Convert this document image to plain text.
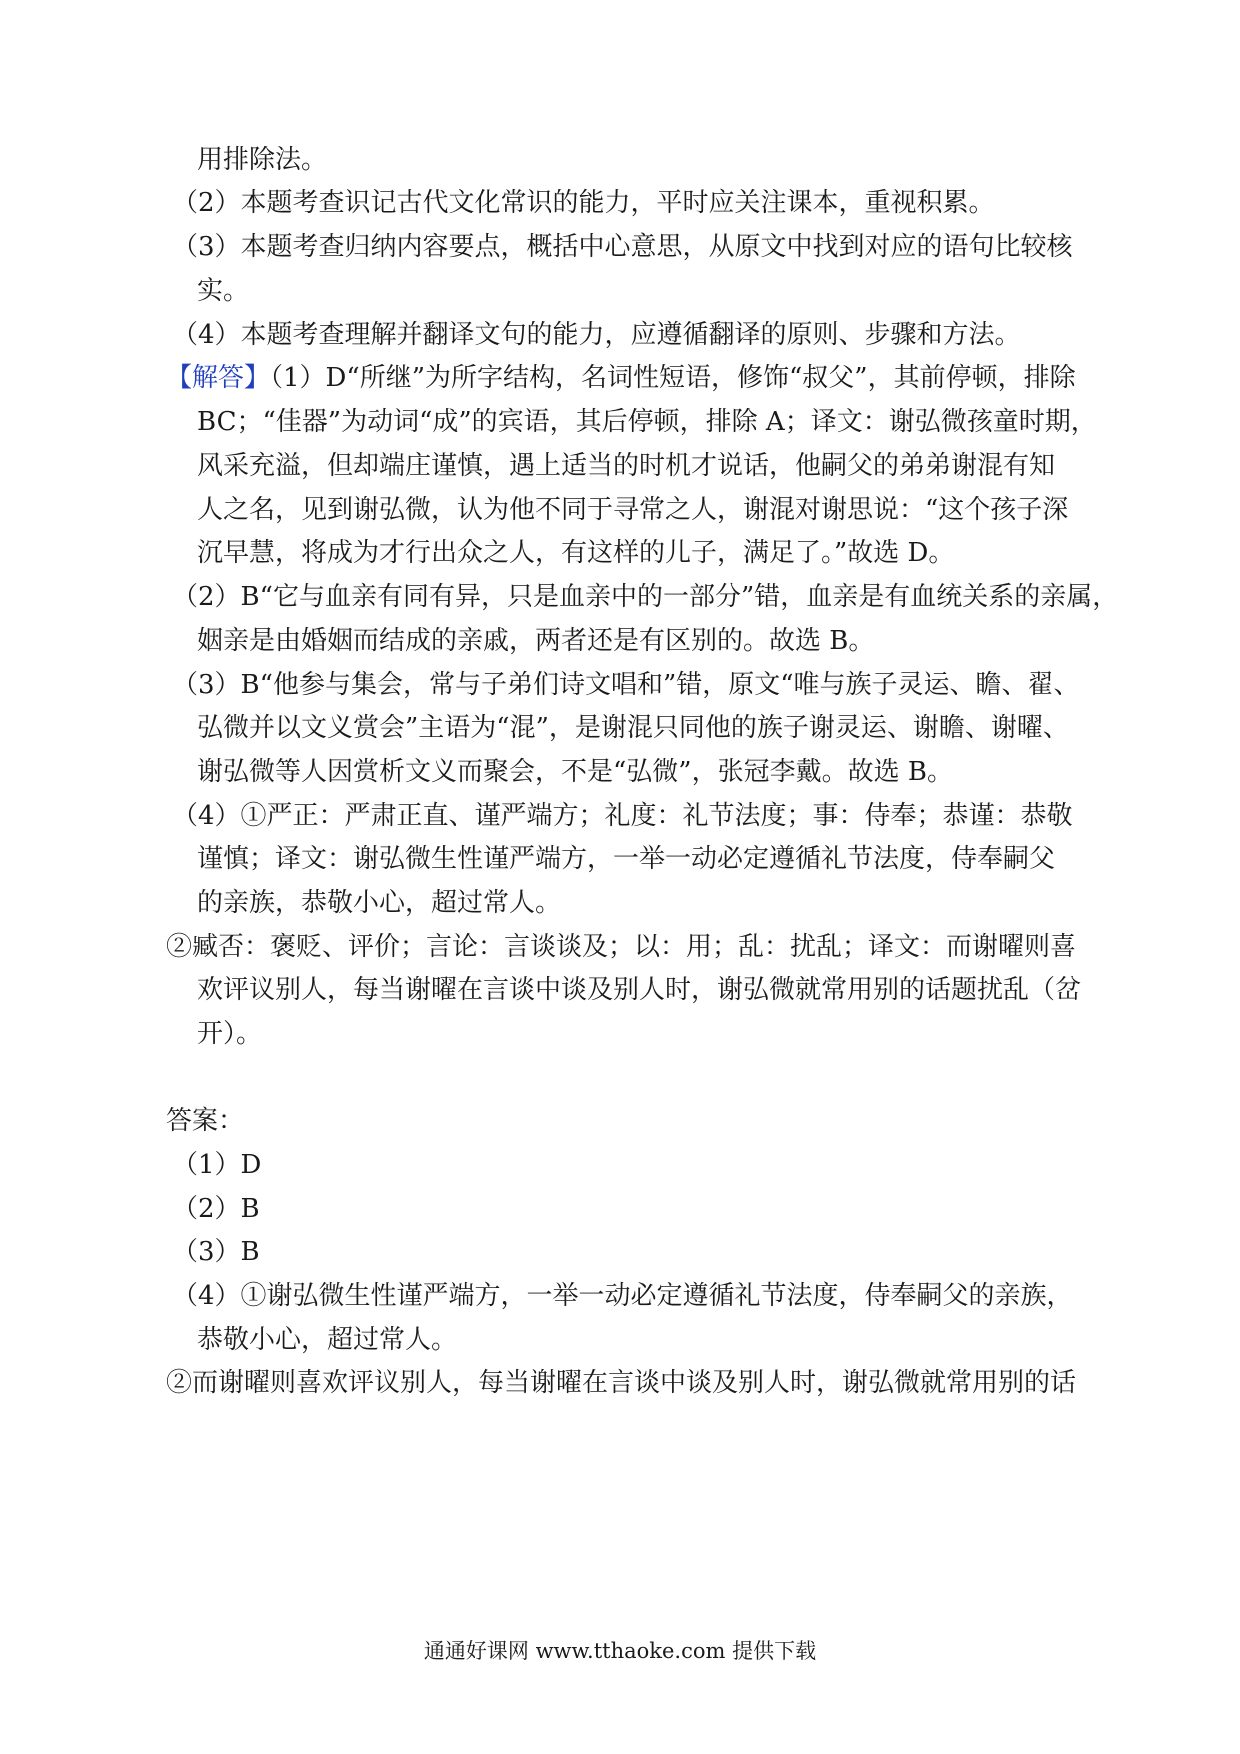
用排除法。
（2）本题考查识记古代文化常识的能力，平时应关注课本，重视积累。
（3）本题考查归纳内容要点，概括中心意思，从原文中找到对应的语句比较核
实。
（4）本题考查理解并翻译文句的能力，应遵循翻译的原则、步骤和方法。
【解答】（1）D“所继”为所字结构，名词性短语，修饰“叔父”，其前停顿，排除
BC；“佳器”为动词“成”的宾语，其后停顿，排除 A；译文：谢弘微孩童时期，
风采充溢，但却端庄谨慎，遇上适当的时机才说话，他嗣父的弟弟谢混有知
人之名，见到谢弘微，认为他不同于寻常之人，谢混对谢思说：“这个孩子深
沉早慧，将成为才行出众之人，有这样的儿子，满足了。”故选 D。
（2）B“它与血亲有同有异，只是血亲中的一部分”错，血亲是有血统关系的亲属，
姻亲是由婚姻而结成的亲戚，两者还是有区别的。故选 B。
（3）B“他参与集会，常与子弟们诗文唱和”错，原文“唯与族子灵运、瞻、翟、
弘微并以文义赏会”主语为“混”，是谢混只同他的族子谢灵运、谢瞻、谢曜、
谢弘微等人因赏析文义而聚会，不是“弘微”，张冠李戴。故选 B。
（4）①严正：严肃正直、谨严端方；礼度：礼节法度；事：侍奉；恭谨：恭敬
谨慎；译文：谢弘微生性谨严端方，一举一动必定遵循礼节法度，侍奉嗣父
的亲族，恭敬小心，超过常人。
②臧否：褒贬、评价；言论：言谈谈及；以：用；乱：扰乱；译文：而谢曜则喜
欢评议别人，每当谢曜在言谈中谈及别人时，谢弘微就常用别的话题扰乱（岔
开）。
答案：
（1）D
（2）B
（3）B
（4）①谢弘微生性谨严端方，一举一动必定遵循礼节法度，侍奉嗣父的亲族，
恭敬小心，超过常人。
②而谢曜则喜欢评议别人，每当谢曜在言谈中谈及别人时，谢弘微就常用别的话
通通好课网 www.tthaoke.com 提供下载
